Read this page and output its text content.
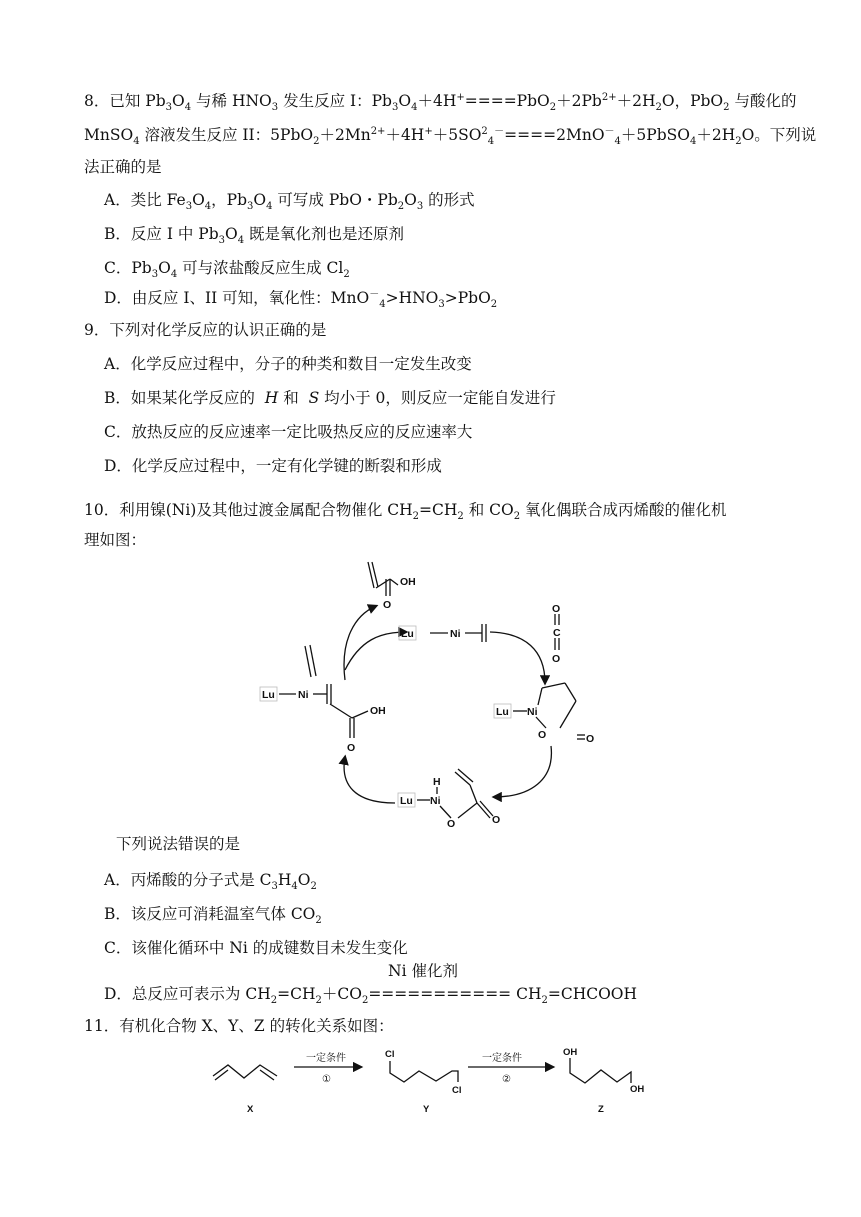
8．已知 $Pb_3O_4$ 与稀 $HNO_3$ 发生反应 I：$Pb_3O_4+4H^+====PbO_2+2Pb^{2+}+2H_2O$，PbO$_2$ 与酸化的
MnSO$_4$ 溶液发生反应 II：$5PbO_2+2Mn^{2+}+4H^++5SO^2_4^-====2MnO^-_4+5PbSO_4+2H_2O$。下列说
法正确的是
A．类比 $Fe_3O_4$，$Pb_3O_4$ 可写成 PbO・$Pb_2O_3$ 的形式
B．反应 I 中 $Pb_3O_4$ 既是氧化剂也是还原剂
C．$Pb_3O_4$ 可与浓盐酸反应生成 $Cl_2$
D．由反应 I、II 可知，氧化性：$MnO^-_4>HNO_3>PbO_2$
9．下列对化学反应的认识正确的是
A．化学反应过程中，分子的种类和数目一定发生改变
B．如果某化学反应的  H 和  S 均小于 0，则反应一定能自发进行
C．放热反应的反应速率一定比吸热反应的反应速率大
D．化学反应过程中，一定有化学键的断裂和形成
10．利用镍(Ni)及其他过渡金属配合物催化 $CH_2=CH_2$ 和 $CO_2$ 氧化偶联合成丙烯酸的催化机
理如图：
Lu	Ni
Lu Ni
OH
O
Lu Ni
O	O
O
C
O
Lu Ni
H
O	O
OH
O
下列说法错误的是
A．丙烯酸的分子式是 $C_3H_4O_2$
B．该反应可消耗温室气体 $CO_2$
C．该催化循环中 Ni 的成键数目未发生变化
Ni 催化剂
D．总反应可表示为 $CH_2=CH_2+CO_2===========$ $CH_2=CHCOOH$
11．有机化合物 X、Y、Z 的转化关系如图：
一定条件
①
一定条件
②
Cl
Cl
OH
OH
X	Y	Z
